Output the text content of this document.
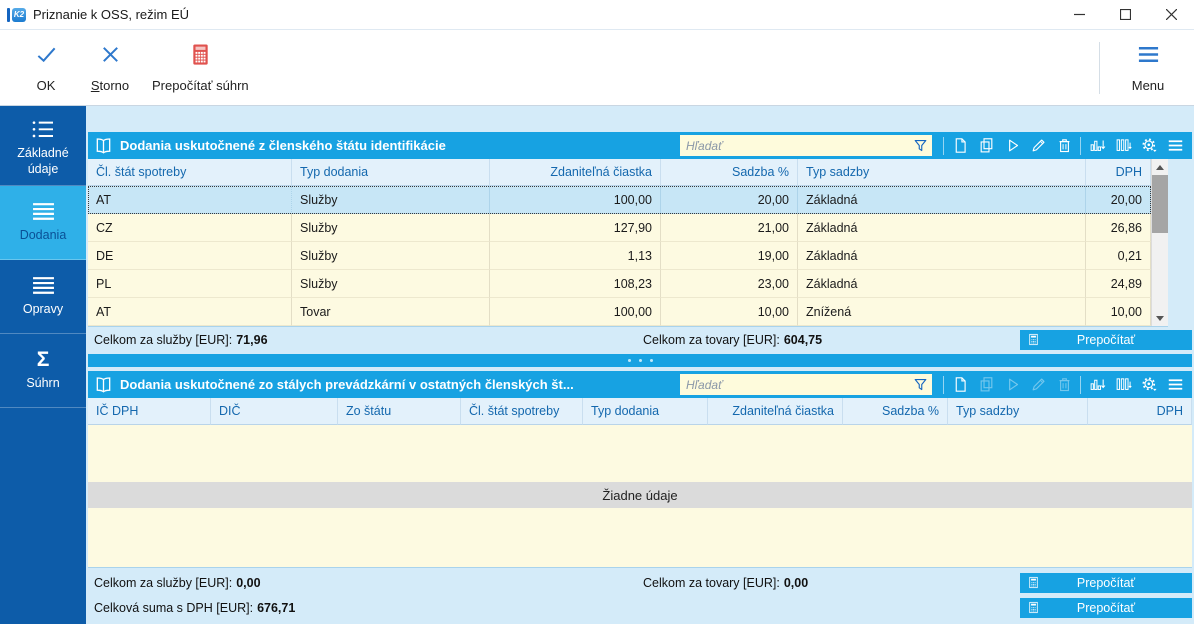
K2 Priznanie k OSS, režim EÚ
OK	Storno Prepočítať súhrn	Menu
Základné údaje
Dodania
Opravy
Σ
Súhrn
Dodania uskutočnené z členského štátu identifikácie
Hľadať
Čl. štát spotreby	Typ dodania	Zdaniteľná čiastka	Sadzba %	Typ sadzby	DPH
AT	Služby	100,00	20,00	Základná	20,00
CZ	Služby	127,90	21,00	Základná	26,86
DE	Služby	1,13	19,00	Základná	0,21
PL	Služby	108,23	23,00	Základná	24,89
AT	Tovar	100,00	10,00	Znížená	10,00
Celkom za služby [EUR]: 71,96	Celkom za tovary [EUR]: 604,75	Prepočítať
Dodania uskutočnené zo stálych prevádzkární v ostatných členských št...
Hľadať
IČ DPH	DIČ	Zo štátu	Čl. štát spotreby	Typ dodania	Zdaniteľná čiastka	Sadzba %	Typ sadzby	DPH
Žiadne údaje
Celkom za služby [EUR]: 0,00	Celkom za tovary [EUR]: 0,00	Prepočítať
Celková suma s DPH [EUR]: 676,71	Prepočítať
